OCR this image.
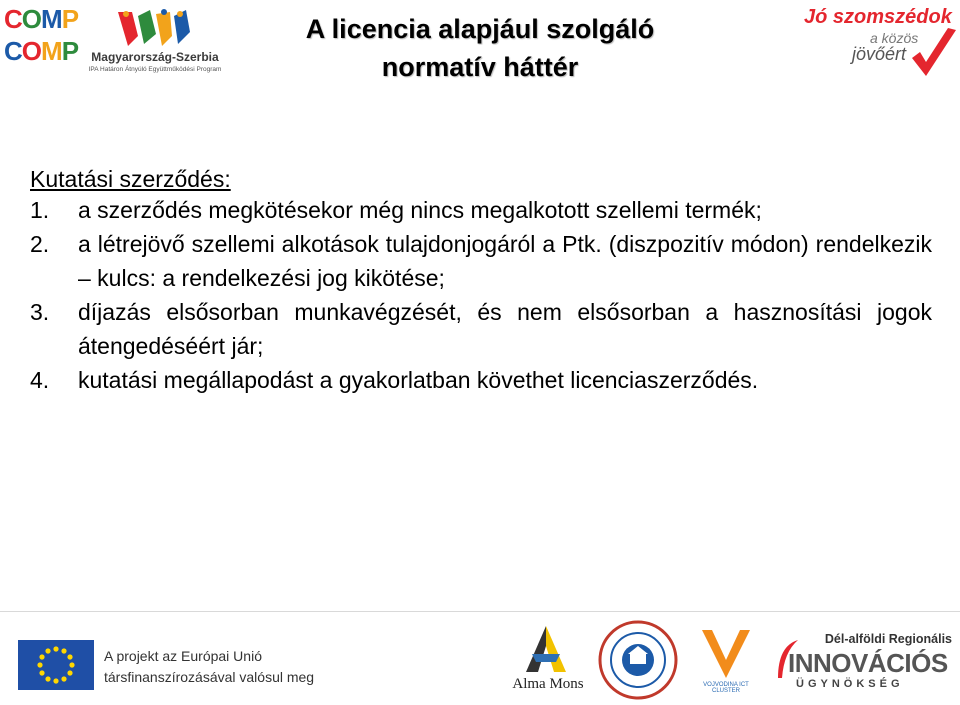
COMP
COMP	Magyarország-Szerbia
IPA Határon Átnyúló Együttműködési Program
A licencia alapjául szolgáló
normatív háttér
Jó szomszédok
a közös
jövőért
Kutatási szerződés:
1. a szerződés megkötésekor még nincs megalkotott szellemi termék;
2. a létrejövő szellemi alkotások tulajdonjogáról a Ptk. (diszpozitív módon) rendelkezik – kulcs: a rendelkezési jog kikötése;
3. díjazás elsősorban munkavégzését, és nem elsősorban a hasznosítási jogok átengedéséért jár;
4. kutatási megállapodást a gyakorlatban követhet licenciaszerződés.
A projekt az Európai Unió
társfinanszírozásával valósul meg	Alma Mons	VOJVODINA ICT CLUSTER
Dél-alföldi Regionális
INNOVÁCIÓS
ÜGYNÖKSÉG
